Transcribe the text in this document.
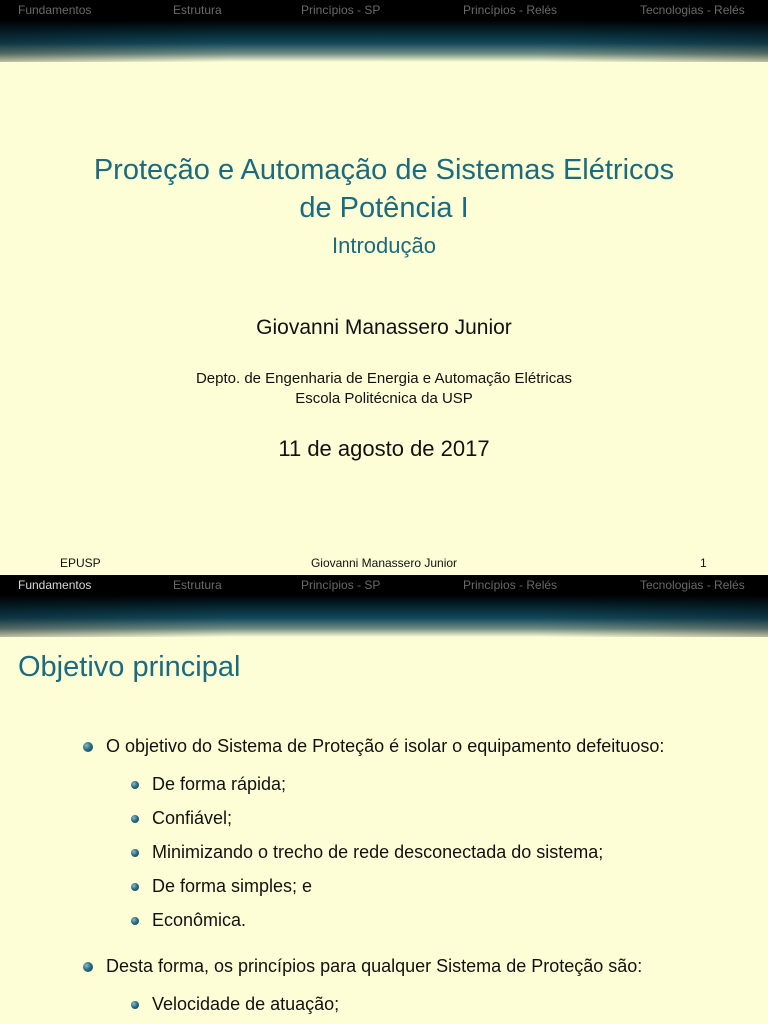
Fundamentos	Estrutura	Princípios - SP	Princípios - Relés	Tecnologias - Relés
Proteção e Automação de Sistemas Elétricos
de Potência I
Introdução
Giovanni Manassero Junior
Depto. de Engenharia de Energia e Automação Elétricas
Escola Politécnica da USP
11 de agosto de 2017
EPUSP	Giovanni Manassero Junior	1
Fundamentos	Estrutura	Princípios - SP	Princípios - Relés	Tecnologias - Relés
Objetivo principal
O objetivo do Sistema de Proteção é isolar o equipamento defeituoso:
De forma rápida;
Confiável;
Minimizando o trecho de rede desconectada do sistema;
De forma simples; e
Econômica.
Desta forma, os princípios para qualquer Sistema de Proteção são:
Velocidade de atuação;
